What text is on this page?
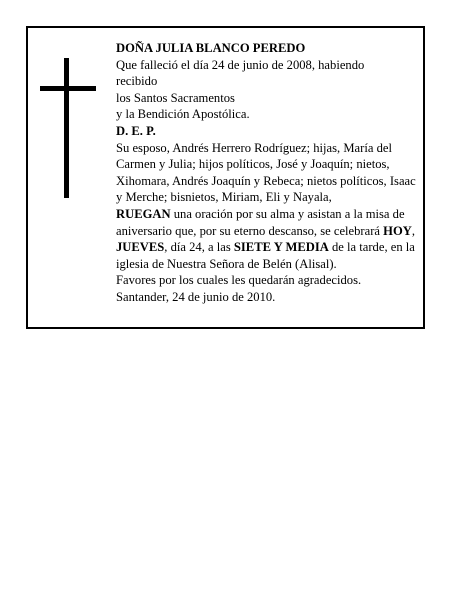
DOÑA JULIA BLANCO PEREDO

Que falleció el día 24 de junio de 2008, habiendo

recibido

los Santos Sacramentos

y la Bendición Apostólica.

D. E. P.

Su esposo, Andrés Herrero Rodríguez; hijas, María del Carmen y Julia; hijos políticos, José y Joaquín; nietos, Xihomara, Andrés Joaquín y Rebeca; nietos políticos, Isaac y Merche; bisnietos, Miriam, Eli y Nayala,

RUEGAN una oración por su alma y asistan a la misa de aniversario que, por su eterno descanso, se celebrará HOY, JUEVES, día 24, a las SIETE Y MEDIA de la tarde, en la iglesia de Nuestra Señora de Belén (Alisal).

Favores por los cuales les quedarán agradecidos.

Santander, 24 de junio de 2010.
